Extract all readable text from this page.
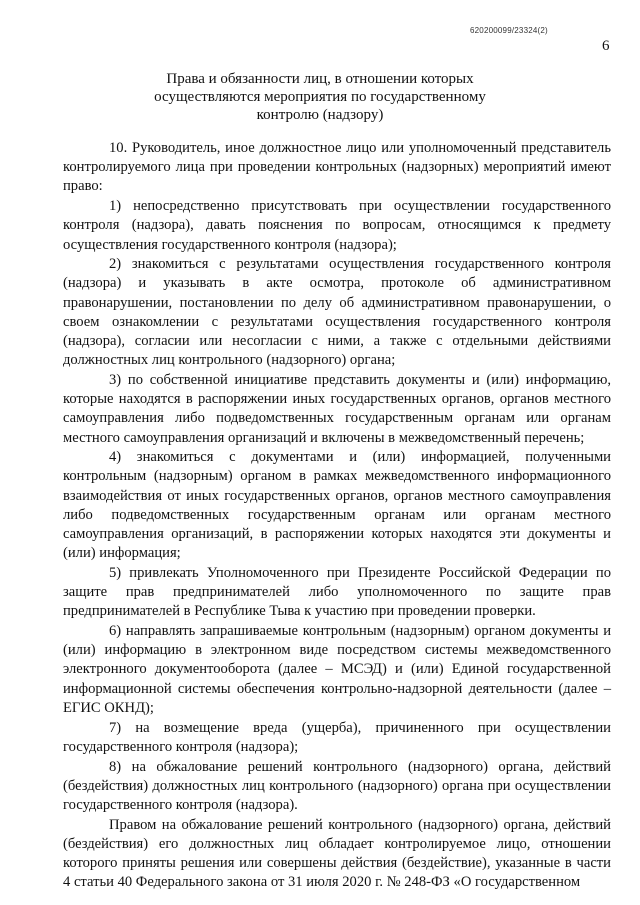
620200099/23324(2)
6
Права и обязанности лиц, в отношении которых
осуществляются мероприятия по государственному
контролю (надзору)

10. Руководитель, иное должностное лицо или уполномоченный представитель контролируемого лица при проведении контрольных (надзорных) мероприятий имеют право:

1) непосредственно присутствовать при осуществлении государственного контроля (надзора), давать пояснения по вопросам, относящимся к предмету осуществления государственного контроля (надзора);

2) знакомиться с результатами осуществления государственного контроля (надзора) и указывать в акте осмотра, протоколе об административном правонарушении, постановлении по делу об административном правонарушении, о своем ознакомлении с результатами осуществления государственного контроля (надзора), согласии или несогласии с ними, а также с отдельными действиями должностных лиц контрольного (надзорного) органа;

3) по собственной инициативе представить документы и (или) информацию, которые находятся в распоряжении иных государственных органов, органов местного самоуправления либо подведомственных государственным органам или органам местного самоуправления организаций и включены в межведомственный перечень;

4) знакомиться с документами и (или) информацией, полученными контрольным (надзорным) органом в рамках межведомственного информационного взаимодействия от иных государственных органов, органов местного самоуправления либо подведомственных государственным органам или органам местного самоуправления организаций, в распоряжении которых находятся эти документы и (или) информация;

5) привлекать Уполномоченного при Президенте Российской Федерации по защите прав предпринимателей либо уполномоченного по защите прав предпринимателей в Республике Тыва к участию при проведении проверки.

6) направлять запрашиваемые контрольным (надзорным) органом документы и (или) информацию в электронном виде посредством системы межведомственного электронного документооборота (далее – МСЭД) и (или) Единой государственной информационной системы обеспечения контрольно-надзорной деятельности (далее – ЕГИС ОКНД);

7) на возмещение вреда (ущерба), причиненного при осуществлении государственного контроля (надзора);

8) на обжалование решений контрольного (надзорного) органа, действий (бездействия) должностных лиц контрольного (надзорного) органа при осуществлении государственного контроля (надзора).

Правом на обжалование решений контрольного (надзорного) органа, действий (бездействия) его должностных лиц обладает контролируемое лицо, отношении которого приняты решения или совершены действия (бездействие), указанные в части 4 статьи 40 Федерального закона от 31 июля 2020 г. № 248-ФЗ «О государственном
